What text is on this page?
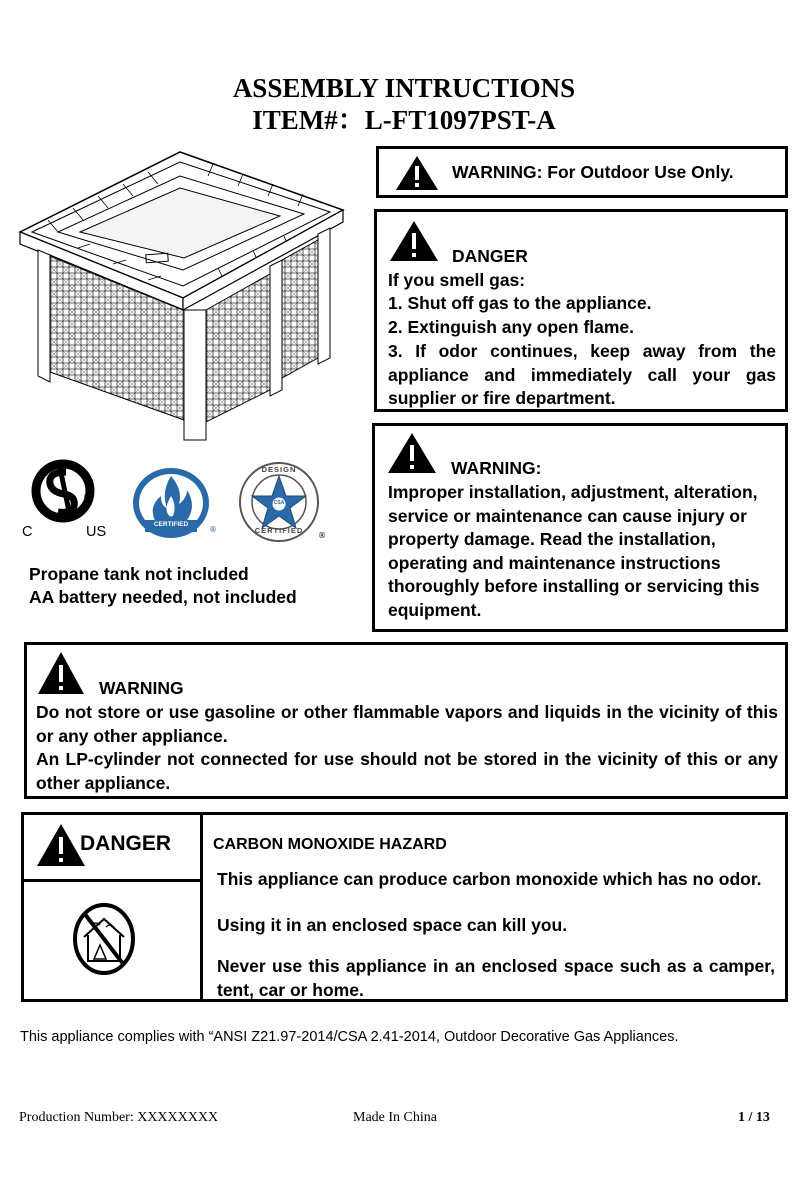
ASSEMBLY INTRUCTIONS
ITEM#：L-FT1097PST-A
WARNING: For Outdoor Use Only.
DANGER
If you smell gas:
1. Shut off gas to the appliance.
2. Extinguish any open flame.
3. If odor continues, keep away from the appliance and immediately call your gas supplier or fire department.
WARNING:
Improper installation, adjustment, alteration, service or maintenance can cause injury or property damage. Read the installation, operating and maintenance instructions thoroughly before installing or servicing this equipment.
®
C	US	®
CERTIFIED
®
DESIGN
CERTIFIED
CSA
Propane tank not included
AA battery needed, not included
WARNING
Do not store or use gasoline or other flammable vapors and liquids in the vicinity of this or any other appliance.
An LP-cylinder not connected for use should not be stored in the vicinity of this or any other appliance.
DANGER	CARBON MONOXIDE HAZARD
This appliance can produce carbon monoxide which has no odor.
Using it in an enclosed space can kill you.
Never use this appliance in an enclosed space such as a camper, tent, car or home.
This appliance complies with “ANSI Z21.97-2014/CSA 2.41-2014, Outdoor Decorative Gas Appliances.
Production Number: XXXXXXXX	Made In China	1 / 13
